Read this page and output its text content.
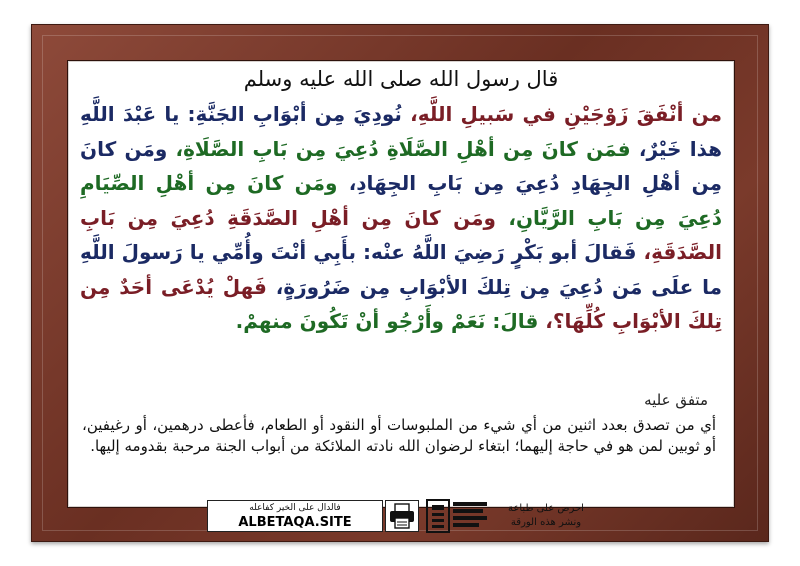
قال رسول الله صلى الله عليه وسلم
من أنْفَقَ زَوْجَيْنِ في سَبيلِ اللَّهِ، نُودِيَ مِن أبْوَابِ الجَنَّةِ: يا عَبْدَ اللَّهِ هذا خَيْرٌ، فمَن كانَ مِن أهْلِ الصَّلَاةِ دُعِيَ مِن بَابِ الصَّلَاةِ، ومَن كانَ مِن أهْلِ الجِهَادِ دُعِيَ مِن بَابِ الجِهَادِ، ومَن كانَ مِن أهْلِ الصِّيَامِ دُعِيَ مِن بَابِ الرَّيَّانِ، ومَن كانَ مِن أهْلِ الصَّدَقَةِ دُعِيَ مِن بَابِ الصَّدَقَةِ، فَقالَ أبو بَكْرٍ رَضِيَ اللَّهُ عنْه: بأَبِي أنْتَ وأُمِّي يا رَسولَ اللَّهِ ما علَى مَن دُعِيَ مِن تِلكَ الأبْوَابِ مِن ضَرُورَةٍ، فَهلْ يُدْعَى أحَدٌ مِن تِلكَ الأبْوَابِ كُلِّهَا؟، قالَ: نَعَمْ وأَرْجُو أنْ تَكُونَ منهمْ.
متفق عليه
أي من تصدق بعدد اثنين من أي شيء من الملبوسات أو النقود أو الطعام، فأعطى درهمين، أو رغيفين، أو ثوبين لمن هو في حاجة إليهما؛ ابتغاء لرضوان الله نادته الملائكة من أبواب الجنة مرحبة بقدومه إليها.
فالدال على الخير كفاعله
ALBETAQA.SITE
احرص على طباعة ونشر هذه الورقة
